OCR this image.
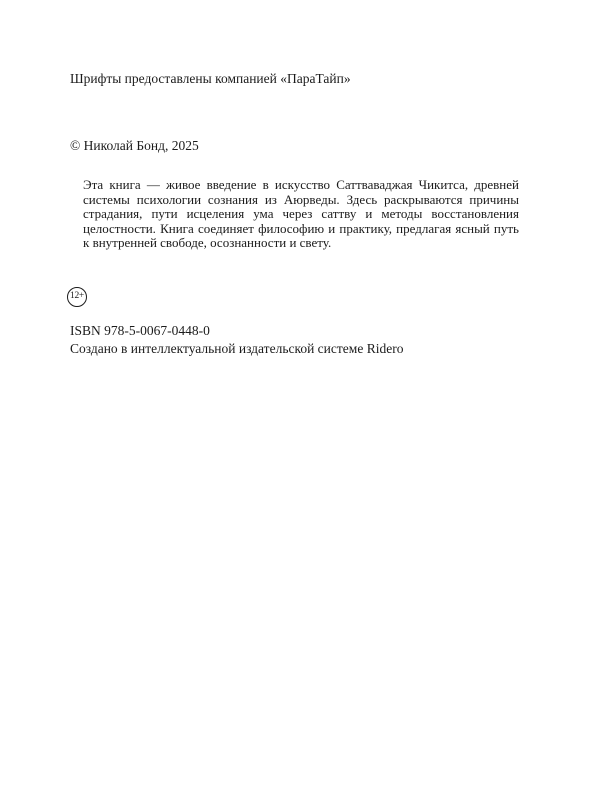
Шрифты предоставлены компанией «ПараТайп»
© Николай Бонд, 2025
Эта книга — живое введение в искусство Саттваваджая Чикитса, древней системы психологии сознания из Аюрведы. Здесь раскрываются причины страдания, пути исцеления ума через саттву и методы восстановления целостности. Книга соединяет философию и практику, предлагая ясный путь к внутренней свободе, осознанности и свету.
12+
ISBN 978-5-0067-0448-0
Создано в интеллектуальной издательской системе Ridero
